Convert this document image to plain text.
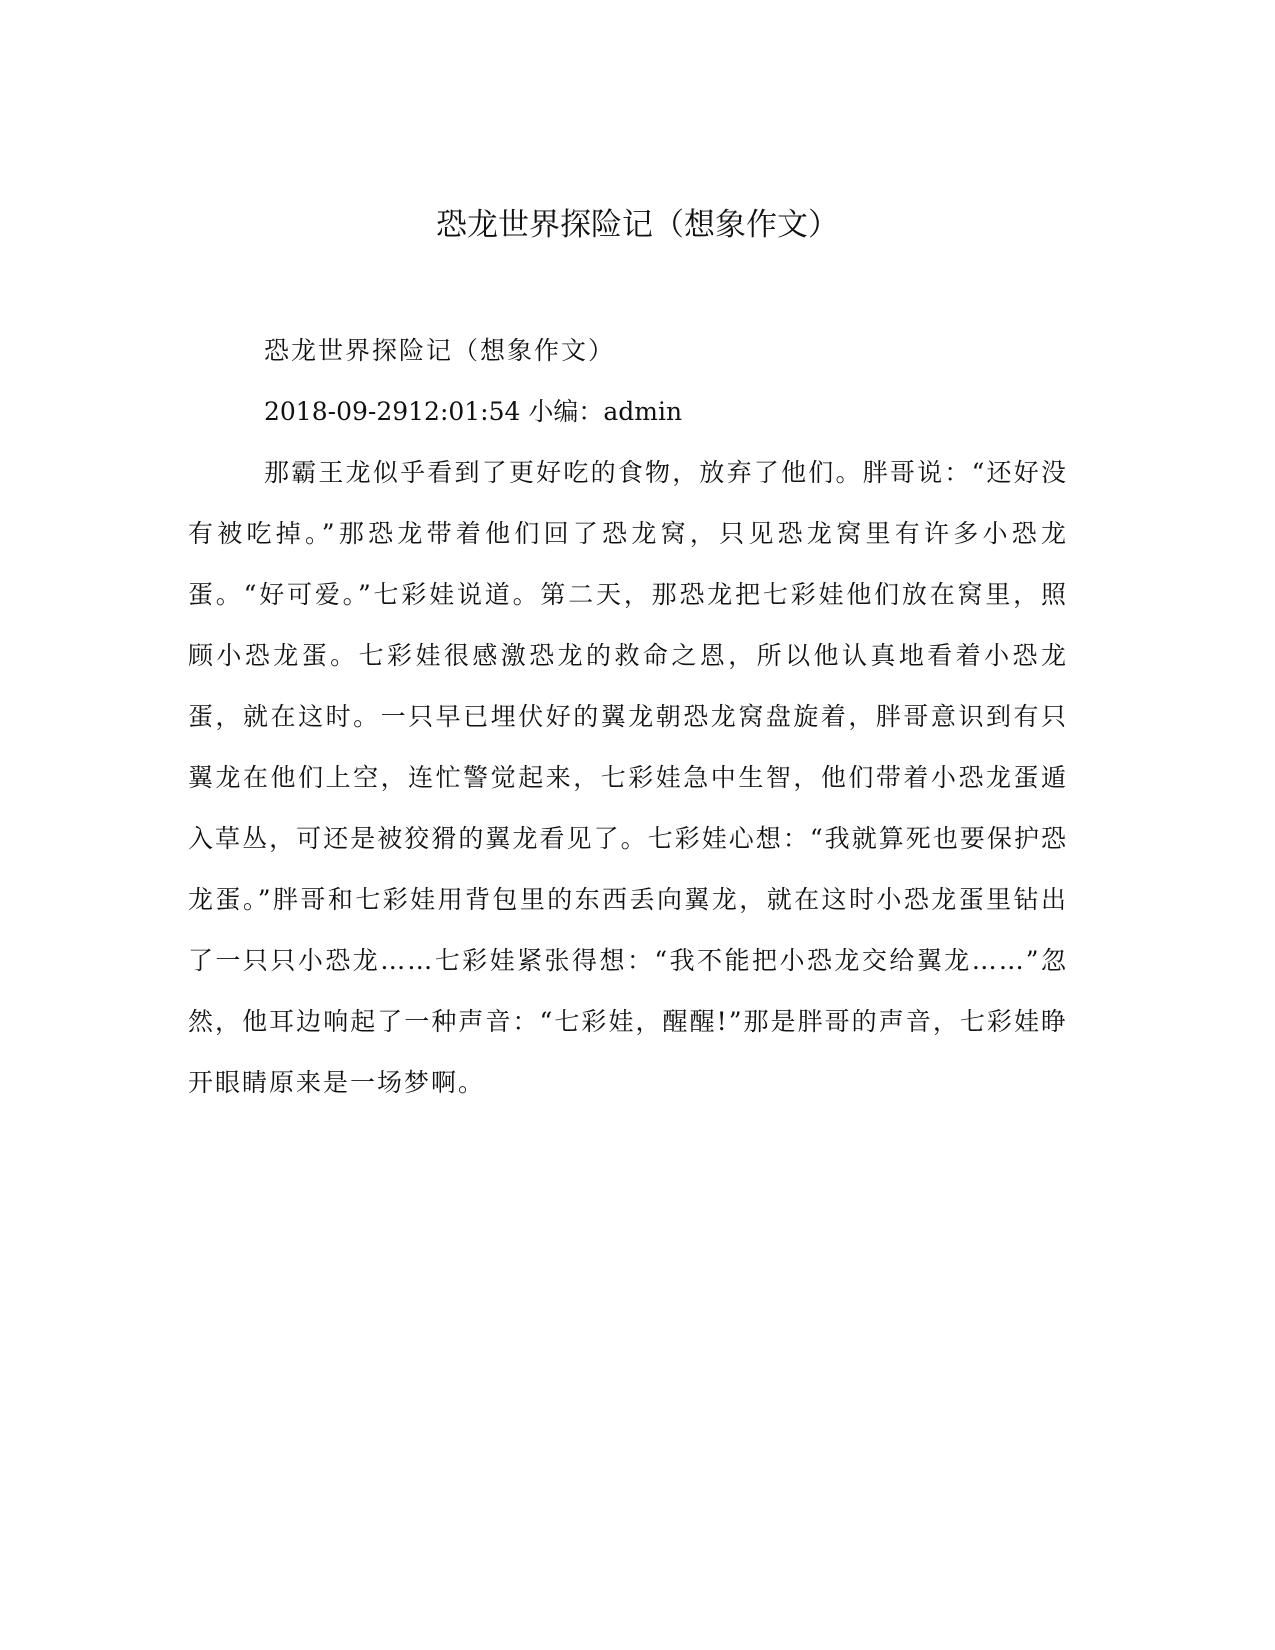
恐龙世界探险记（想象作文）

恐龙世界探险记（想象作文）

2018-09-2912:01:54 小编：admin

那霸王龙似乎看到了更好吃的食物，放弃了他们。胖哥说：“还好没有被吃掉。”那恐龙带着他们回了恐龙窝，只见恐龙窝里有许多小恐龙蛋。“好可爱。”七彩娃说道。第二天，那恐龙把七彩娃他们放在窝里，照顾小恐龙蛋。七彩娃很感激恐龙的救命之恩，所以他认真地看着小恐龙蛋，就在这时。一只早已埋伏好的翼龙朝恐龙窝盘旋着，胖哥意识到有只翼龙在他们上空，连忙警觉起来，七彩娃急中生智，他们带着小恐龙蛋遁入草丛，可还是被狡猾的翼龙看见了。七彩娃心想：“我就算死也要保护恐龙蛋。”胖哥和七彩娃用背包里的东西丢向翼龙，就在这时小恐龙蛋里钻出了一只只小恐龙……七彩娃紧张得想：“我不能把小恐龙交给翼龙……”忽然，他耳边响起了一种声音：“七彩娃，醒醒!”那是胖哥的声音，七彩娃睁开眼睛原来是一场梦啊。
